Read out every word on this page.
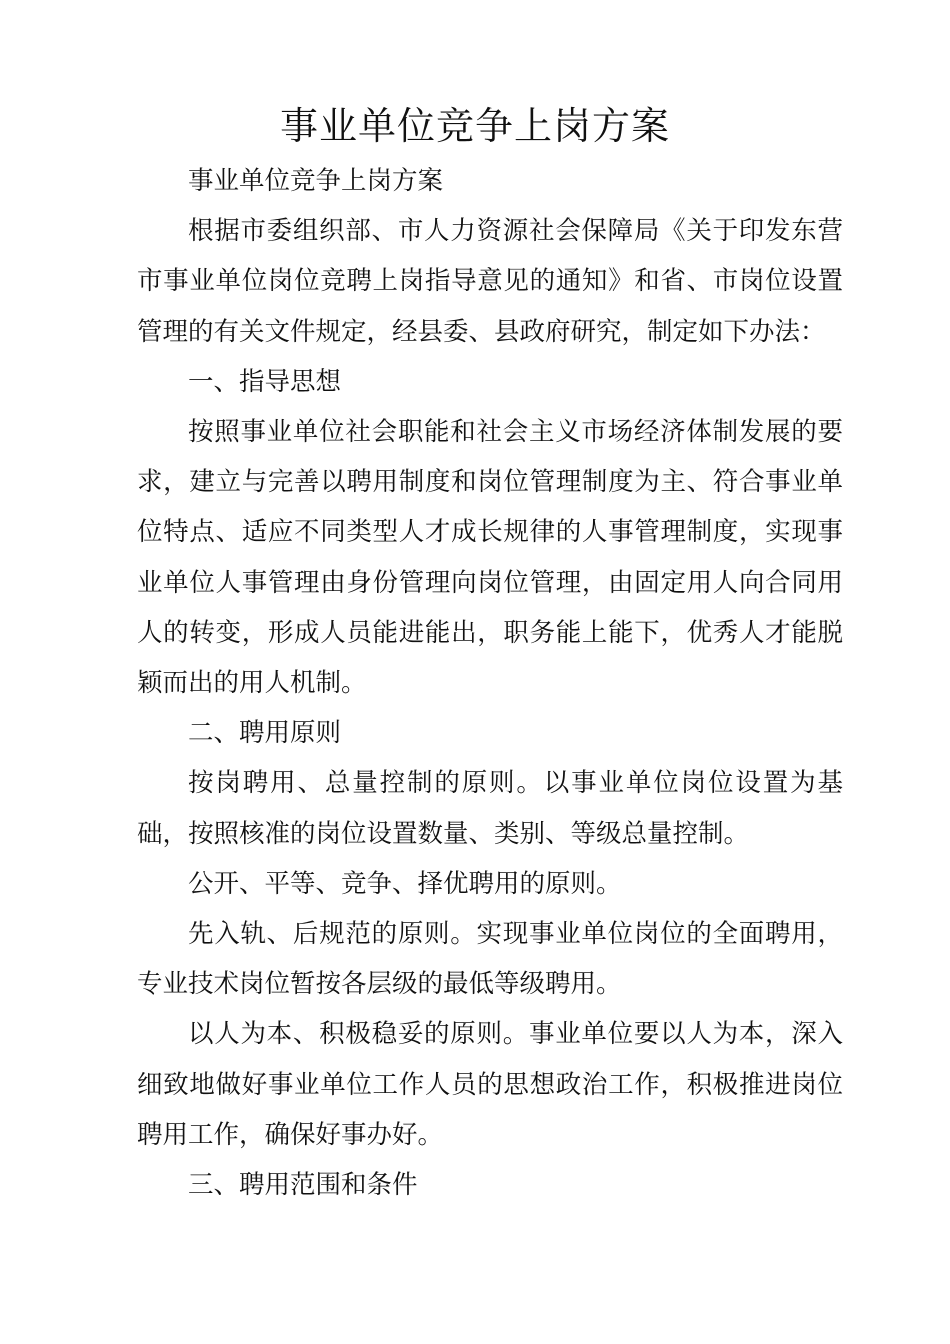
事业单位竞争上岗方案

事业单位竞争上岗方案

根据市委组织部、市人力资源社会保障局《关于印发东营市事业单位岗位竞聘上岗指导意见的通知》和省、市岗位设置管理的有关文件规定，经县委、县政府研究，制定如下办法：

一、指导思想

按照事业单位社会职能和社会主义市场经济体制发展的要求，建立与完善以聘用制度和岗位管理制度为主、符合事业单位特点、适应不同类型人才成长规律的人事管理制度，实现事业单位人事管理由身份管理向岗位管理，由固定用人向合同用人的转变，形成人员能进能出，职务能上能下，优秀人才能脱颖而出的用人机制。

二、聘用原则

按岗聘用、总量控制的原则。以事业单位岗位设置为基础，按照核准的岗位设置数量、类别、等级总量控制。

公开、平等、竞争、择优聘用的原则。

先入轨、后规范的原则。实现事业单位岗位的全面聘用，专业技术岗位暂按各层级的最低等级聘用。

以人为本、积极稳妥的原则。事业单位要以人为本，深入细致地做好事业单位工作人员的思想政治工作，积极推进岗位聘用工作，确保好事办好。

三、聘用范围和条件
